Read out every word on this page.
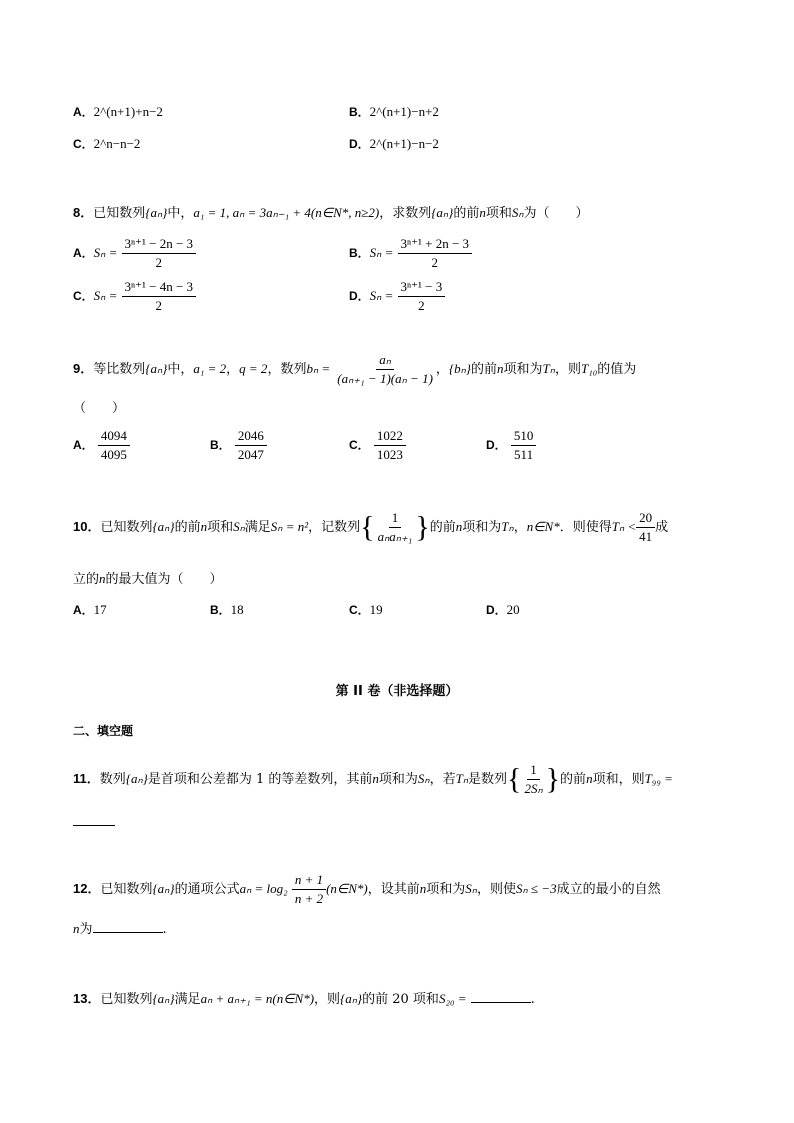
A．2^(n+1)+n−2	B．2^(n+1)−n+2
C．2^n−n−2	D．2^(n+1)−n−2
8．已知数列{aₙ}中，a₁ = 1, aₙ = 3aₙ₋₁ + 4(n∈N*, n≥2)，求数列{aₙ}的前n项和Sₙ为（　　）
A．$S_n = \frac{\text{3ⁿ⁺¹ − 2n − 3}}{2}$	B．$S_n = \frac{\text{3ⁿ⁺¹ + 2n − 3}}{2}$
C．$S_n = \frac{\text{3ⁿ⁺¹ − 4n − 3}}{2}$	D．$S_n = \frac{\text{3ⁿ⁺¹ − 3}}{2}$
9．等比数列{aₙ}中，a₁ = 2，q = 2，数列$b_n = \frac{\text{aₙ}}{\text{(aₙ₊₁ − 1)(aₙ − 1)}}$ ，{bₙ}的前n项和为Tₙ，则T₁₀的值为
（　　）
A． $\frac{4094}{4095}$	B． $\frac{2046}{2047}$	C． $\frac{1022}{1023}$	D． $\frac{510}{511}$
10．已知数列{aₙ}的前n项和Sₙ满足Sₙ = n²，记数列{ $\frac{1}{\text{aₙaₙ₊₁}}$ }的前n项和为Tₙ，n∈N*．则使得$T_n < \frac{20}{41}$ 成
立的n的最大值为（　　）
A．17	B．18	C．19	D．20
第 II 卷（非选择题）
二、填空题
11．数列{aₙ}是首项和公差都为 1 的等差数列，其前n项和为Sₙ，若Tₙ是数列{ $\frac{1}{\text{2Sₙ}}$ }的前n项和，则T₉₉ =
12．已知数列{aₙ}的通项公式$a_n = \log_2 \frac{n + 1}{n + 2}$ (n∈N*)，设其前n项和为Sₙ，则使Sₙ ≤ −3成立的最小的自然
n为	.
13．已知数列{aₙ}满足aₙ + aₙ₊₁ = n(n∈N*)，则{aₙ}的前 20 项和S₂₀ =	.
